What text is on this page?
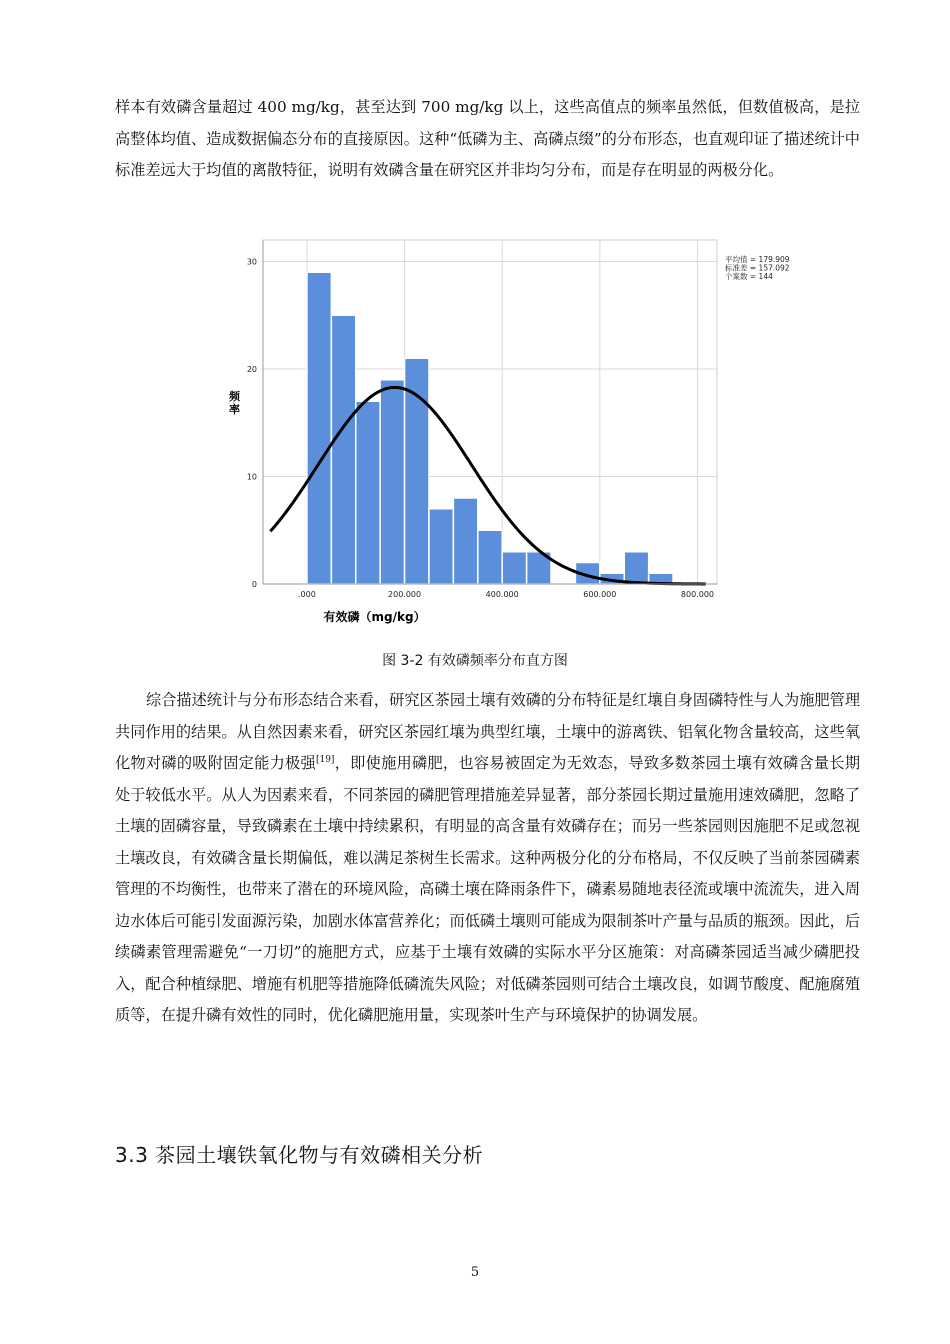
样本有效磷含量超过 400 mg/kg，甚至达到 700 mg/kg 以上，这些高值点的频率虽然低，但数值极高，是拉高整体均值、造成数据偏态分布的直接原因。这种“低磷为主、高磷点缀”的分布形态，也直观印证了描述统计中标准差远大于均值的离散特征，说明有效磷含量在研究区并非均匀分布，而是存在明显的两极分化。

0
10
20
30
.000	200.000	400.000	600.000	800.000
平均值 = 179.909
标准差 = 157.092
个案数 = 144
频率
有效磷（mg/kg）
图 3-2 有效磷频率分布直方图

综合描述统计与分布形态结合来看，研究区茶园土壤有效磷的分布特征是红壤自身固磷特性与人为施肥管理共同作用的结果。从自然因素来看，研究区茶园红壤为典型红壤，土壤中的游离铁、铝氧化物含量较高，这些氧化物对磷的吸附固定能力极强[19]，即使施用磷肥，也容易被固定为无效态，导致多数茶园土壤有效磷含量长期处于较低水平。从人为因素来看，不同茶园的磷肥管理措施差异显著，部分茶园长期过量施用速效磷肥，忽略了土壤的固磷容量，导致磷素在土壤中持续累积，有明显的高含量有效磷存在；而另一些茶园则因施肥不足或忽视土壤改良，有效磷含量长期偏低，难以满足茶树生长需求。这种两极分化的分布格局，不仅反映了当前茶园磷素管理的不均衡性，也带来了潜在的环境风险，高磷土壤在降雨条件下，磷素易随地表径流或壤中流流失，进入周边水体后可能引发面源污染，加剧水体富营养化；而低磷土壤则可能成为限制茶叶产量与品质的瓶颈。因此，后续磷素管理需避免“一刀切”的施肥方式，应基于土壤有效磷的实际水平分区施策：对高磷茶园适当减少磷肥投入，配合种植绿肥、增施有机肥等措施降低磷流失风险；对低磷茶园则可结合土壤改良，如调节酸度、配施腐殖质等，在提升磷有效性的同时，优化磷肥施用量，实现茶叶生产与环境保护的协调发展。

3.3 茶园土壤铁氧化物与有效磷相关分析
5
